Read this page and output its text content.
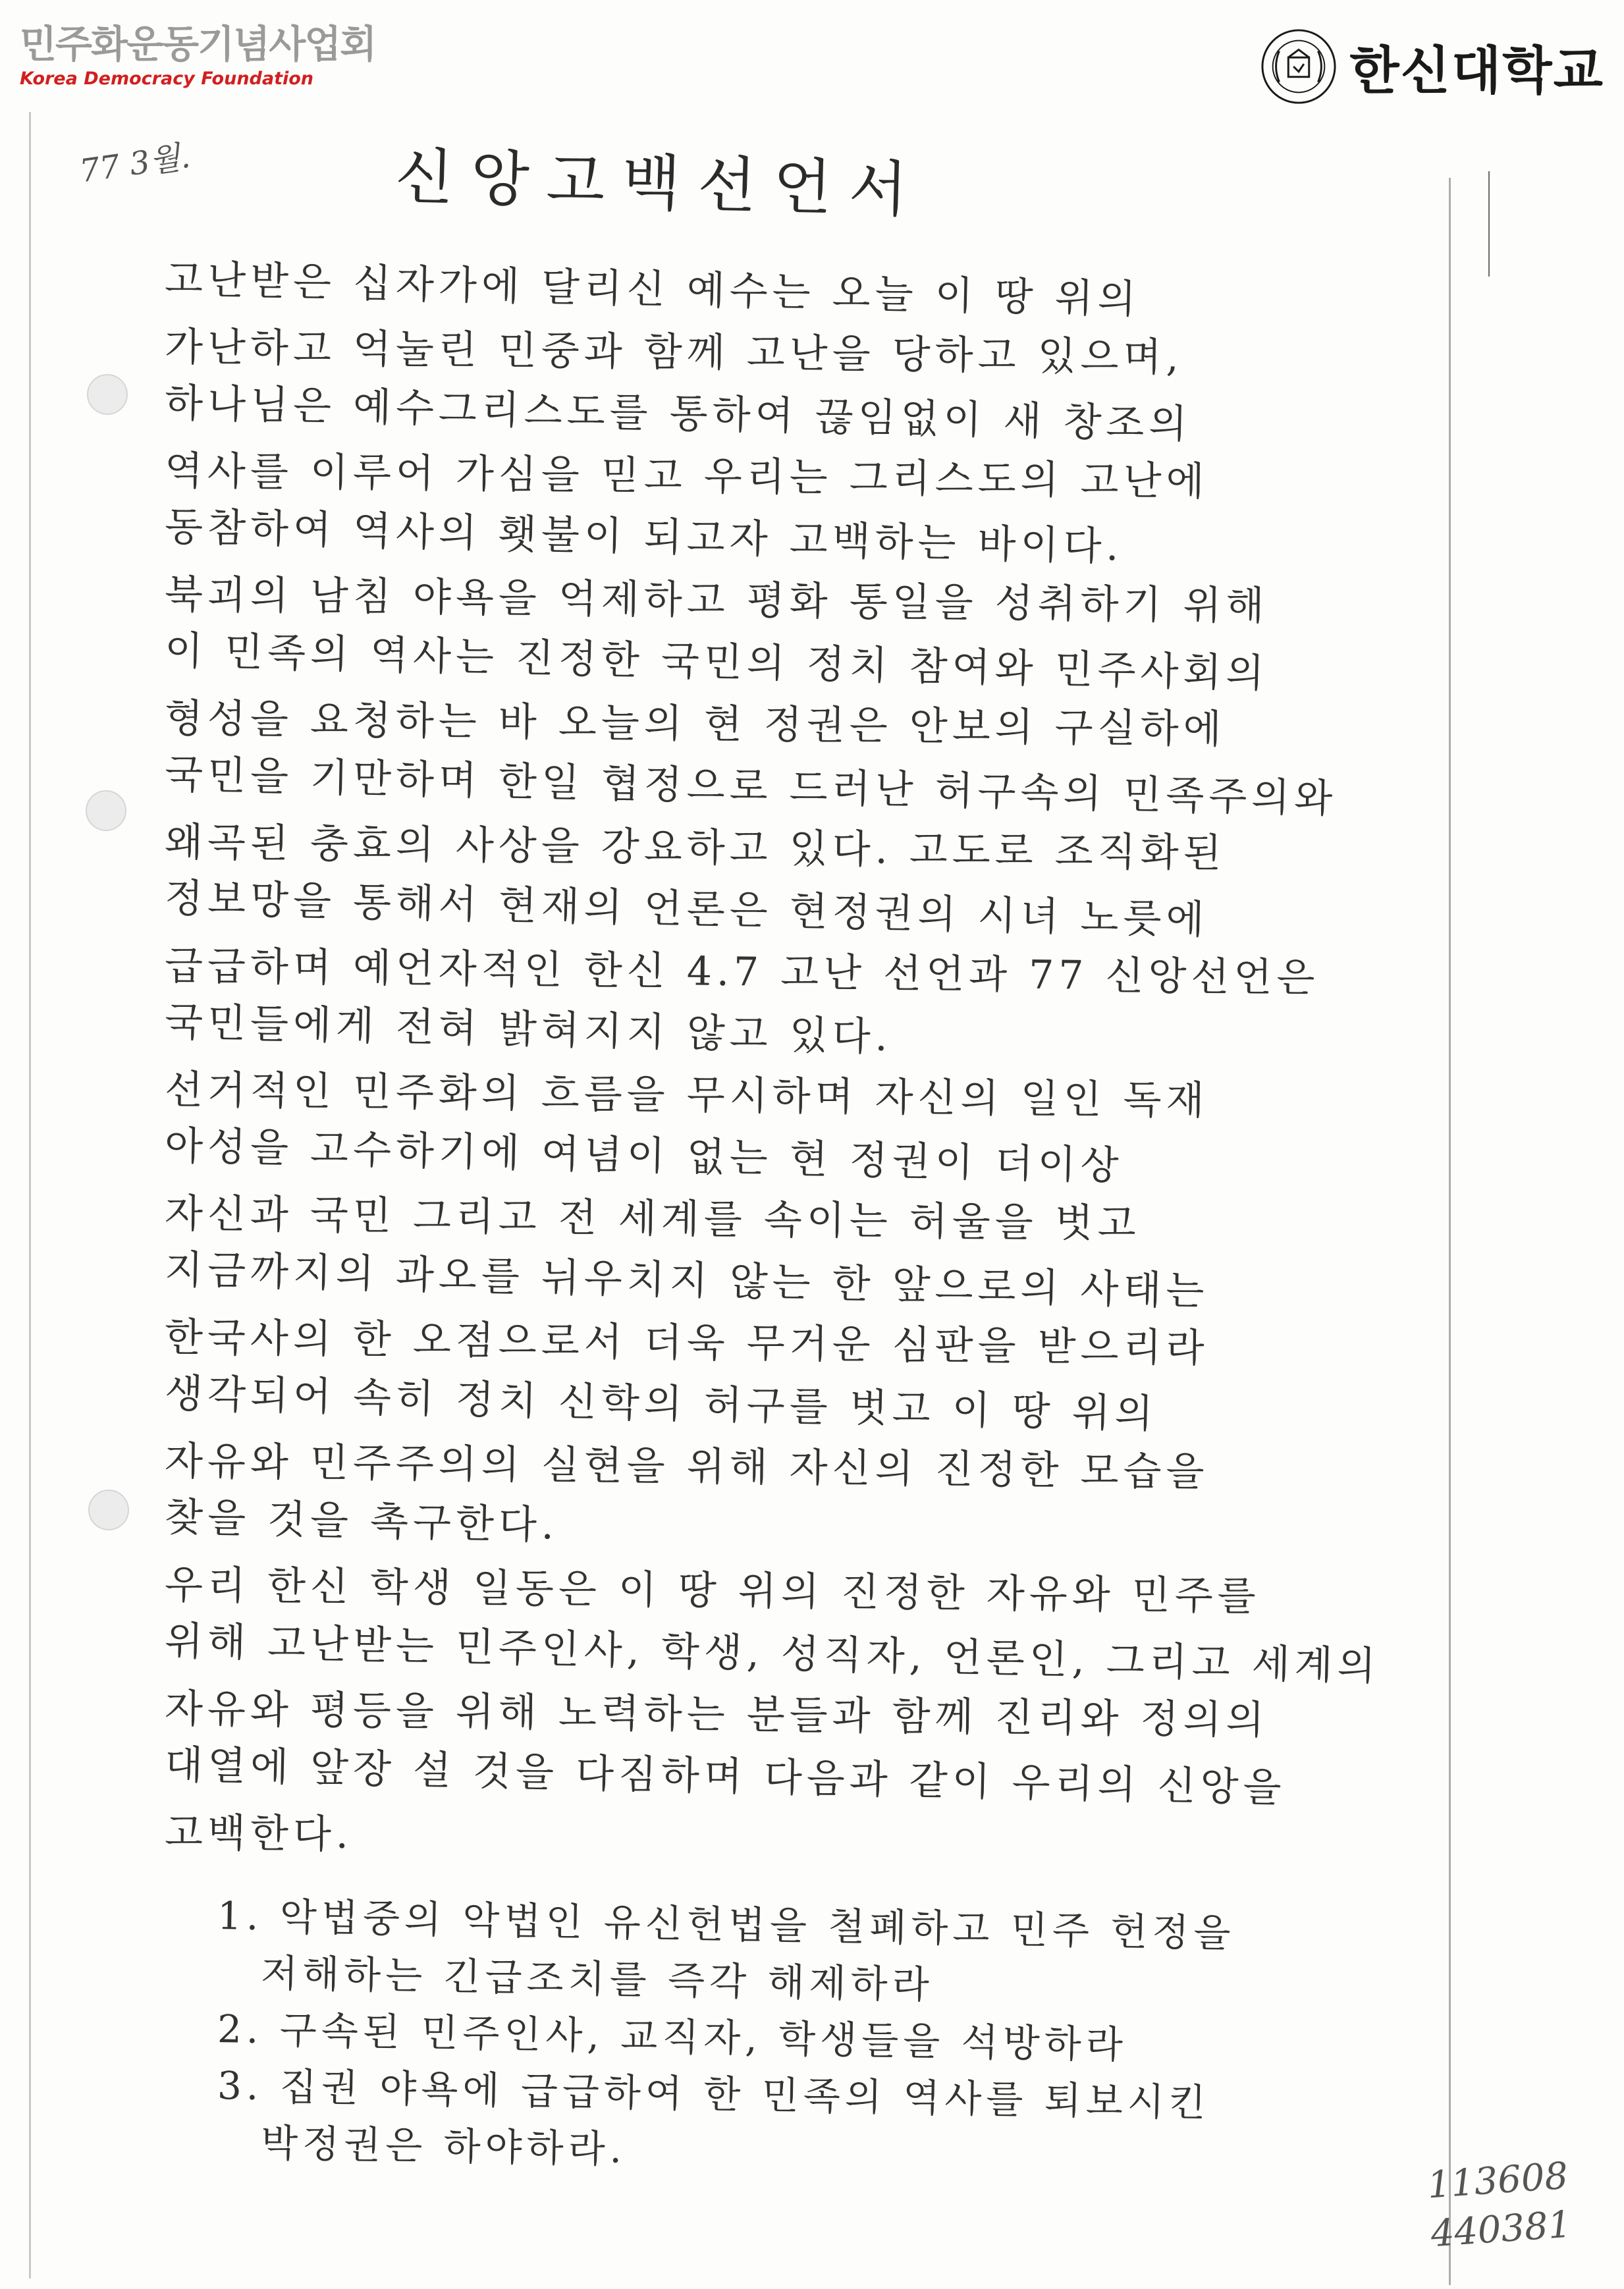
민주화운동기념사업회
Korea Democracy Foundation	한신대학교
77 3월.	신앙고백선언서
고난받은 십자가에 달리신 예수는 오늘 이 땅 위의
가난하고 억눌린 민중과 함께 고난을 당하고 있으며,
하나님은 예수그리스도를 통하여 끊임없이 새 창조의
역사를 이루어 가심을 믿고 우리는 그리스도의 고난에
동참하여 역사의 횃불이 되고자 고백하는 바이다.
북괴의 남침 야욕을 억제하고 평화 통일을 성취하기 위해
이 민족의 역사는 진정한 국민의 정치 참여와 민주사회의
형성을 요청하는 바 오늘의 현 정권은 안보의 구실하에
국민을 기만하며 한일 협정으로 드러난 허구속의 민족주의와
왜곡된 충효의 사상을 강요하고 있다. 고도로 조직화된
정보망을 통해서 현재의 언론은 현정권의 시녀 노릇에
급급하며 예언자적인 한신 4.7 고난 선언과 77 신앙선언은
국민들에게 전혀 밝혀지지 않고 있다.
선거적인 민주화의 흐름을 무시하며 자신의 일인 독재
아성을 고수하기에 여념이 없는 현 정권이 더이상
자신과 국민 그리고 전 세계를 속이는 허울을 벗고
지금까지의 과오를 뉘우치지 않는 한 앞으로의 사태는
한국사의 한 오점으로서 더욱 무거운 심판을 받으리라
생각되어 속히 정치 신학의 허구를 벗고 이 땅 위의
자유와 민주주의의 실현을 위해 자신의 진정한 모습을
찾을 것을 촉구한다.
우리 한신 학생 일동은 이 땅 위의 진정한 자유와 민주를
위해 고난받는 민주인사, 학생, 성직자, 언론인, 그리고 세계의
자유와 평등을 위해 노력하는 분들과 함께 진리와 정의의
대열에 앞장 설 것을 다짐하며 다음과 같이 우리의 신앙을
고백한다.
1. 악법중의 악법인 유신헌법을 철폐하고 민주 헌정을
저해하는 긴급조치를 즉각 해제하라
2. 구속된 민주인사, 교직자, 학생들을 석방하라
3. 집권 야욕에 급급하여 한 민족의 역사를 퇴보시킨
박정권은 하야하라.
113608
440381
